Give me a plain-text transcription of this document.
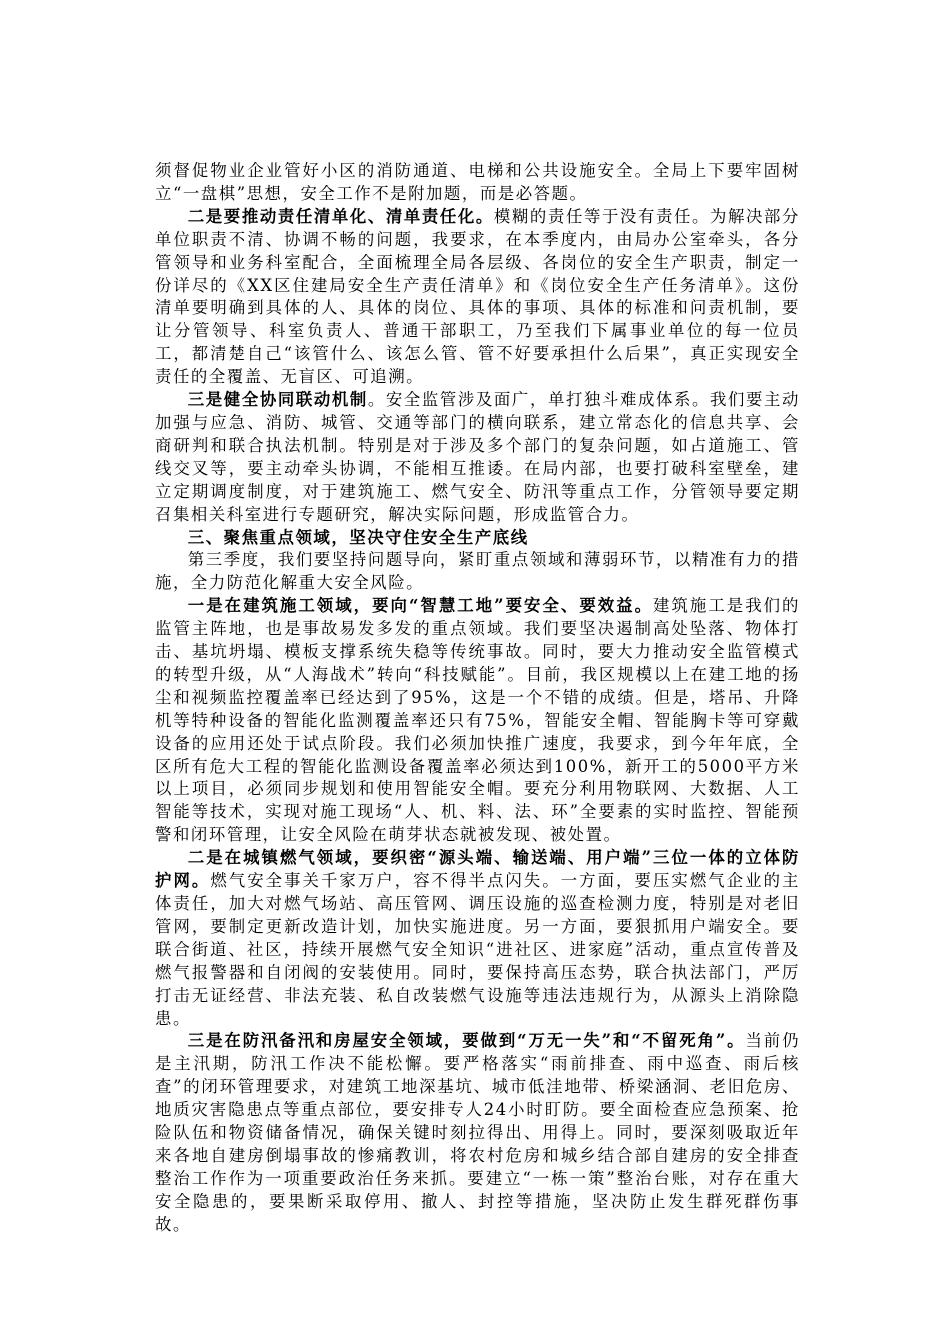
须督促物业企业管好小区的消防通道、电梯和公共设施安全。全局上下要牢固树立“一盘棋”思想，安全工作不是附加题，而是必答题。

二是要推动责任清单化、清单责任化。模糊的责任等于没有责任。为解决部分单位职责不清、协调不畅的问题，我要求，在本季度内，由局办公室牵头，各分管领导和业务科室配合，全面梳理全局各层级、各岗位的安全生产职责，制定一份详尽的《XX区住建局安全生产责任清单》和《岗位安全生产任务清单》。这份清单要明确到具体的人、具体的岗位、具体的事项、具体的标准和问责机制，要让分管领导、科室负责人、普通干部职工，乃至我们下属事业单位的每一位员工，都清楚自己“该管什么、该怎么管、管不好要承担什么后果”，真正实现安全责任的全覆盖、无盲区、可追溯。

三是健全协同联动机制。安全监管涉及面广，单打独斗难成体系。我们要主动加强与应急、消防、城管、交通等部门的横向联系，建立常态化的信息共享、会商研判和联合执法机制。特别是对于涉及多个部门的复杂问题，如占道施工、管线交叉等，要主动牵头协调，不能相互推诿。在局内部，也要打破科室壁垒，建立定期调度制度，对于建筑施工、燃气安全、防汛等重点工作，分管领导要定期召集相关科室进行专题研究，解决实际问题，形成监管合力。

三、聚焦重点领域，坚决守住安全生产底线

第三季度，我们要坚持问题导向，紧盯重点领域和薄弱环节，以精准有力的措施，全力防范化解重大安全风险。

一是在建筑施工领域，要向“智慧工地”要安全、要效益。建筑施工是我们的监管主阵地，也是事故易发多发的重点领域。我们要坚决遏制高处坠落、物体打击、基坑坍塌、模板支撑系统失稳等传统事故。同时，要大力推动安全监管模式的转型升级，从“人海战术”转向“科技赋能”。目前，我区规模以上在建工地的扬尘和视频监控覆盖率已经达到了95%，这是一个不错的成绩。但是，塔吊、升降机等特种设备的智能化监测覆盖率还只有75%，智能安全帽、智能胸卡等可穿戴设备的应用还处于试点阶段。我们必须加快推广速度，我要求，到今年年底，全区所有危大工程的智能化监测设备覆盖率必须达到100%，新开工的5000平方米以上项目，必须同步规划和使用智能安全帽。要充分利用物联网、大数据、人工智能等技术，实现对施工现场“人、机、料、法、环”全要素的实时监控、智能预警和闭环管理，让安全风险在萌芽状态就被发现、被处置。

二是在城镇燃气领域，要织密“源头端、输送端、用户端”三位一体的立体防护网。燃气安全事关千家万户，容不得半点闪失。一方面，要压实燃气企业的主体责任，加大对燃气场站、高压管网、调压设施的巡查检测力度，特别是对老旧管网，要制定更新改造计划，加快实施进度。另一方面，要狠抓用户端安全。要联合街道、社区，持续开展燃气安全知识“进社区、进家庭”活动，重点宣传普及燃气报警器和自闭阀的安装使用。同时，要保持高压态势，联合执法部门，严厉打击无证经营、非法充装、私自改装燃气设施等违法违规行为，从源头上消除隐患。

三是在防汛备汛和房屋安全领域，要做到“万无一失”和“不留死角”。当前仍是主汛期，防汛工作决不能松懈。要严格落实“雨前排查、雨中巡查、雨后核查”的闭环管理要求，对建筑工地深基坑、城市低洼地带、桥梁涵洞、老旧危房、地质灾害隐患点等重点部位，要安排专人24小时盯防。要全面检查应急预案、抢险队伍和物资储备情况，确保关键时刻拉得出、用得上。同时，要深刻吸取近年来各地自建房倒塌事故的惨痛教训，将农村危房和城乡结合部自建房的安全排查整治工作作为一项重要政治任务来抓。要建立“一栋一策”整治台账，对存在重大安全隐患的，要果断采取停用、撤人、封控等措施，坚决防止发生群死群伤事故。
